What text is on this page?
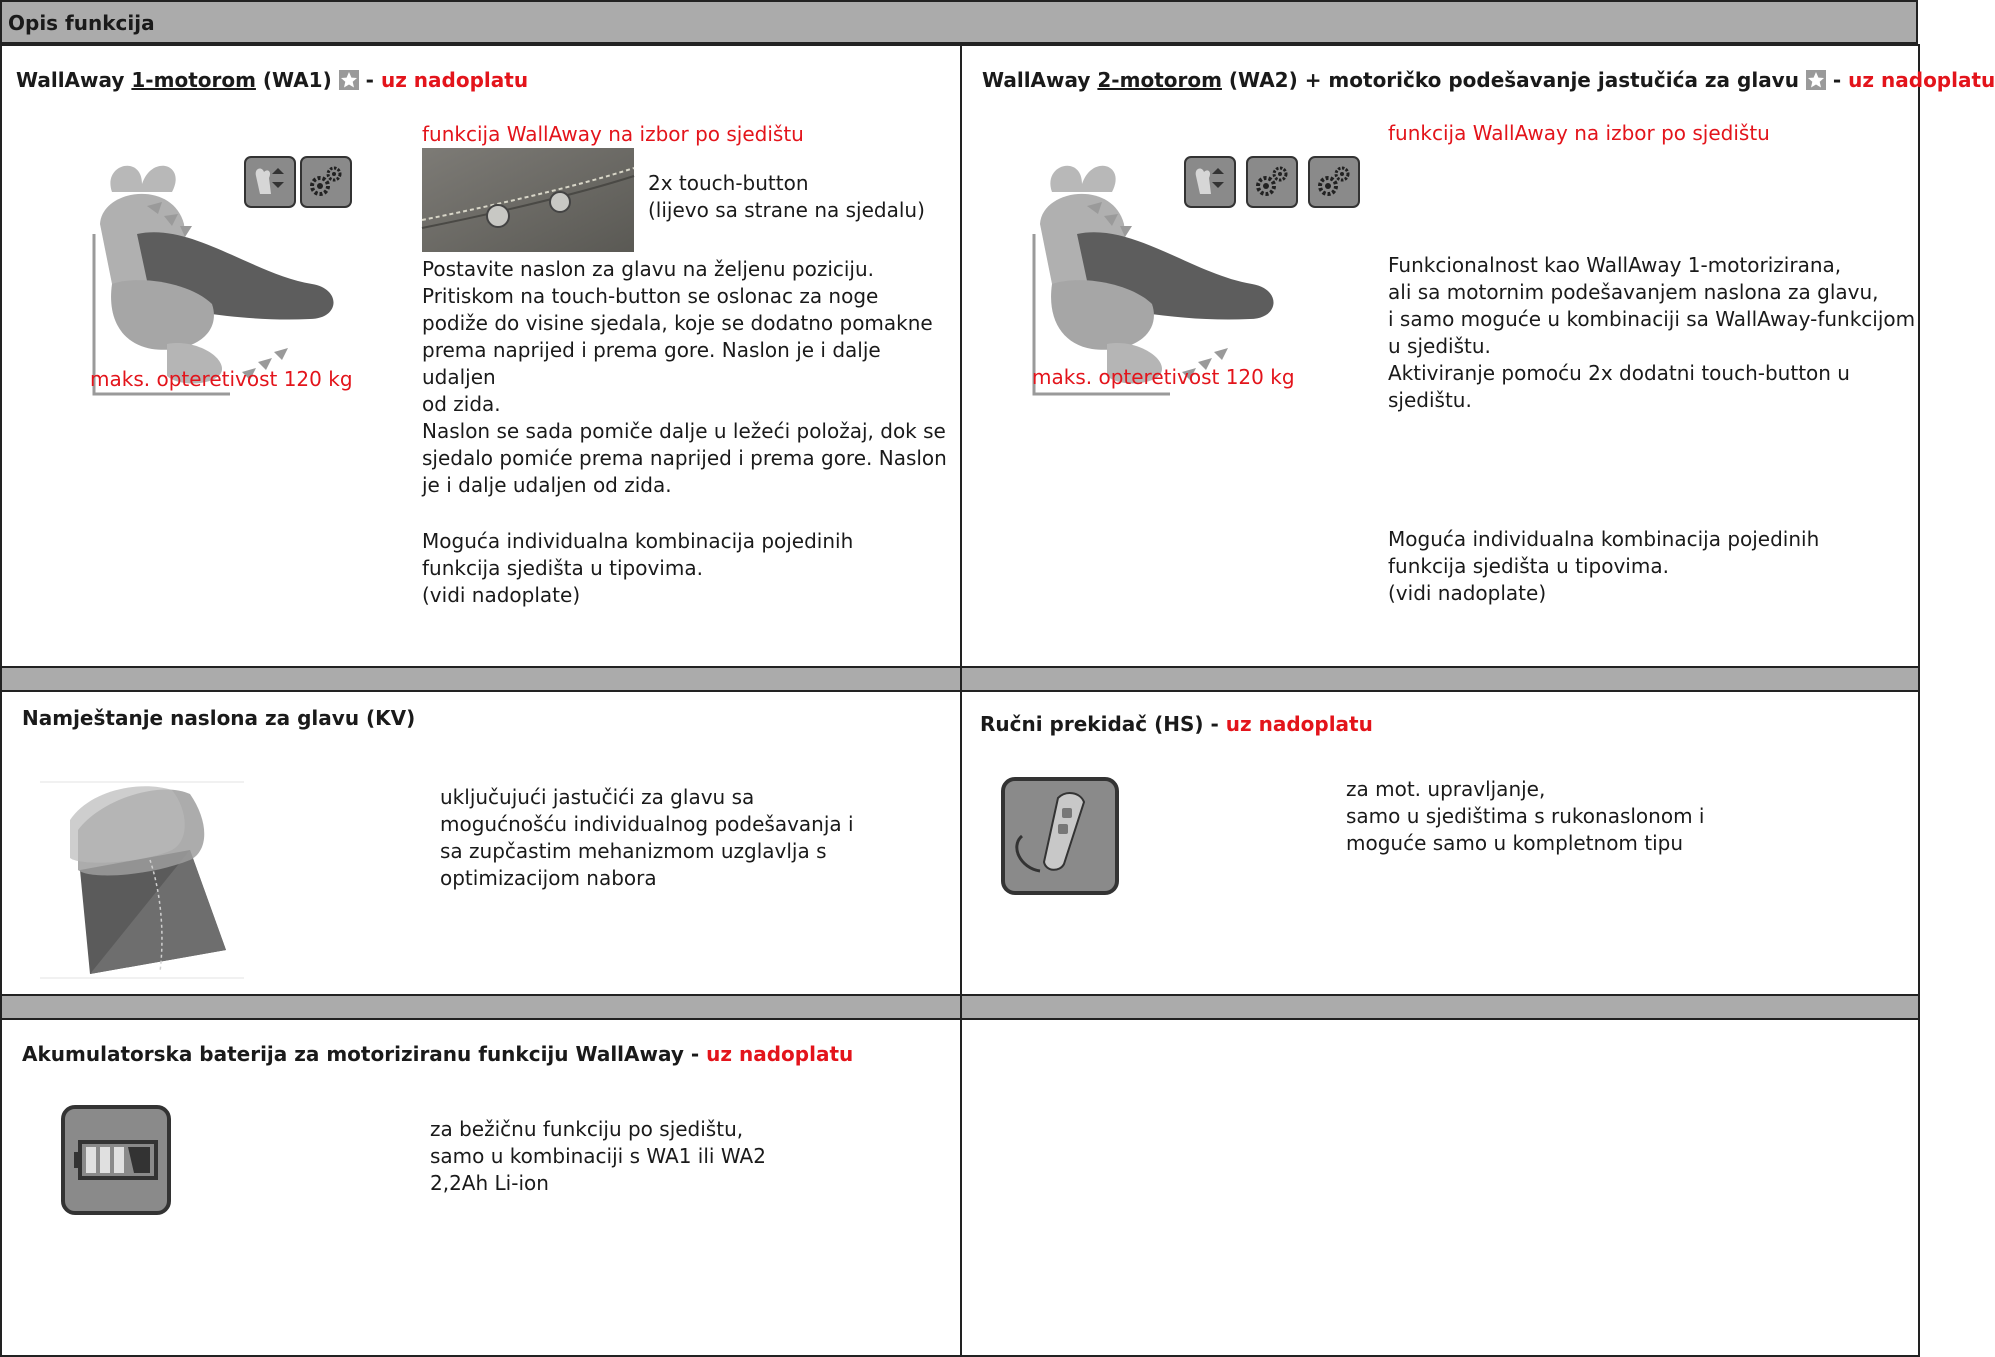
Opis funkcija
WallAway 1-motorom (WA1)  - uz nadoplatu
maks. opteretivost 120 kg
funkcija WallAway na izbor po sjedištu
2x touch-button
(lijevo sa strane na sjedalu)
Postavite naslon za glavu na željenu poziciju.
Pritiskom na touch-button se oslonac za noge
podiže do visine sjedala, koje se dodatno pomakne
prema naprijed i prema gore. Naslon je i dalje udaljen
od zida.
Naslon se sada pomiče dalje u ležeći položaj, dok se
sjedalo pomiće prema naprijed i prema gore. Naslon
je i dalje udaljen od zida.
Moguća individualna kombinacija pojedinih
funkcija sjedišta u tipovima.
(vidi nadoplate)
WallAway 2-motorom (WA2) + motoričko podešavanje jastučića za glavu  - uz nadoplatu
maks. opteretivost 120 kg
funkcija WallAway na izbor po sjedištu
Funkcionalnost kao WallAway 1-motorizirana,
ali sa motornim podešavanjem naslona za glavu,
i samo moguće u kombinaciji sa WallAway-funkcijom
u sjedištu.
Aktiviranje pomoću 2x dodatni touch-button u
sjedištu.
Moguća individualna kombinacija pojedinih
funkcija sjedišta u tipovima.
(vidi nadoplate)
Namještanje naslona za glavu (KV)
uključujući jastučići za glavu sa
mogućnošću individualnog podešavanja i
sa zupčastim mehanizmom uzglavlja s
optimizacijom nabora
Ručni prekidač (HS) - uz nadoplatu
za mot. upravljanje,
samo u sjedištima s rukonaslonom i
moguće samo u kompletnom tipu
Akumulatorska baterija za motoriziranu funkciju WallAway - uz nadoplatu
za bežičnu funkciju po sjedištu,
samo u kombinaciji s WA1 ili WA2
2,2Ah Li-ion
